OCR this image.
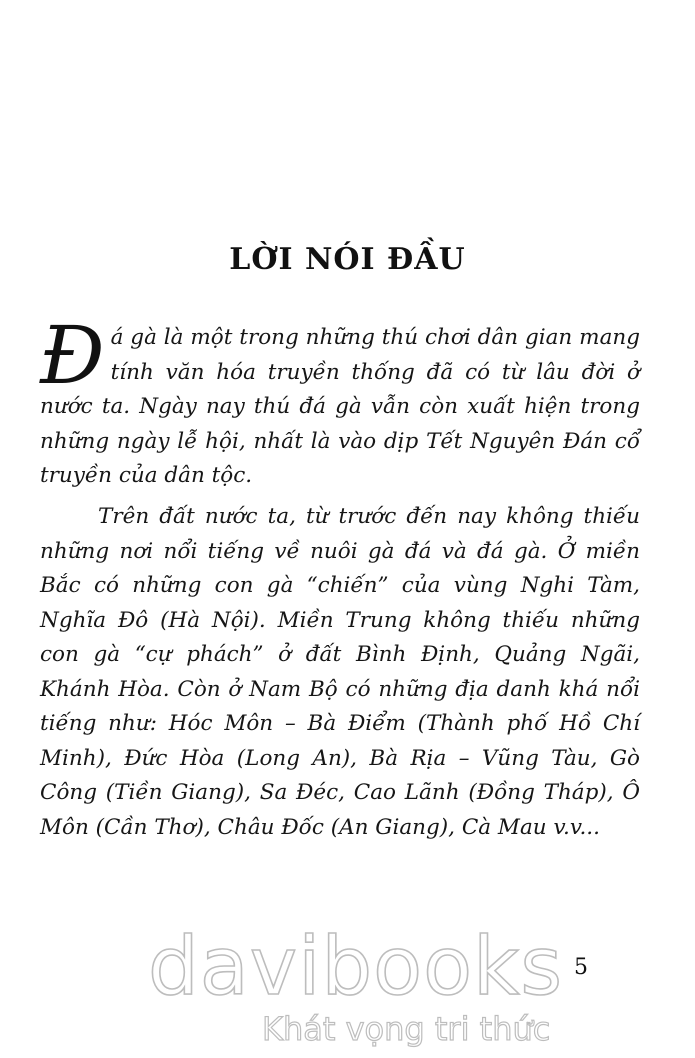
LỜI NÓI ĐẦU

Đá gà là một trong những thú chơi dân gian mang tính văn hóa truyền thống đã có từ lâu đời ở nước ta. Ngày nay thú đá gà vẫn còn xuất hiện trong những ngày lễ hội, nhất là vào dịp Tết Nguyên Đán cổ truyền của dân tộc.

Trên đất nước ta, từ trước đến nay không thiếu những nơi nổi tiếng về nuôi gà đá và đá gà. Ở miền Bắc có những con gà “chiến” của vùng Nghi Tàm, Nghĩa Đô (Hà Nội). Miền Trung không thiếu những con gà “cự phách” ở đất Bình Định, Quảng Ngãi, Khánh Hòa. Còn ở Nam Bộ có những địa danh khá nổi tiếng như: Hóc Môn – Bà Điểm (Thành phố Hồ Chí Minh), Đức Hòa (Long An), Bà Rịa – Vũng Tàu, Gò Công (Tiền Giang), Sa Đéc, Cao Lãnh (Đồng Tháp), Ô Môn (Cần Thơ), Châu Đốc (An Giang), Cà Mau v.v...

davibooks
Khát vọng tri thức
5
